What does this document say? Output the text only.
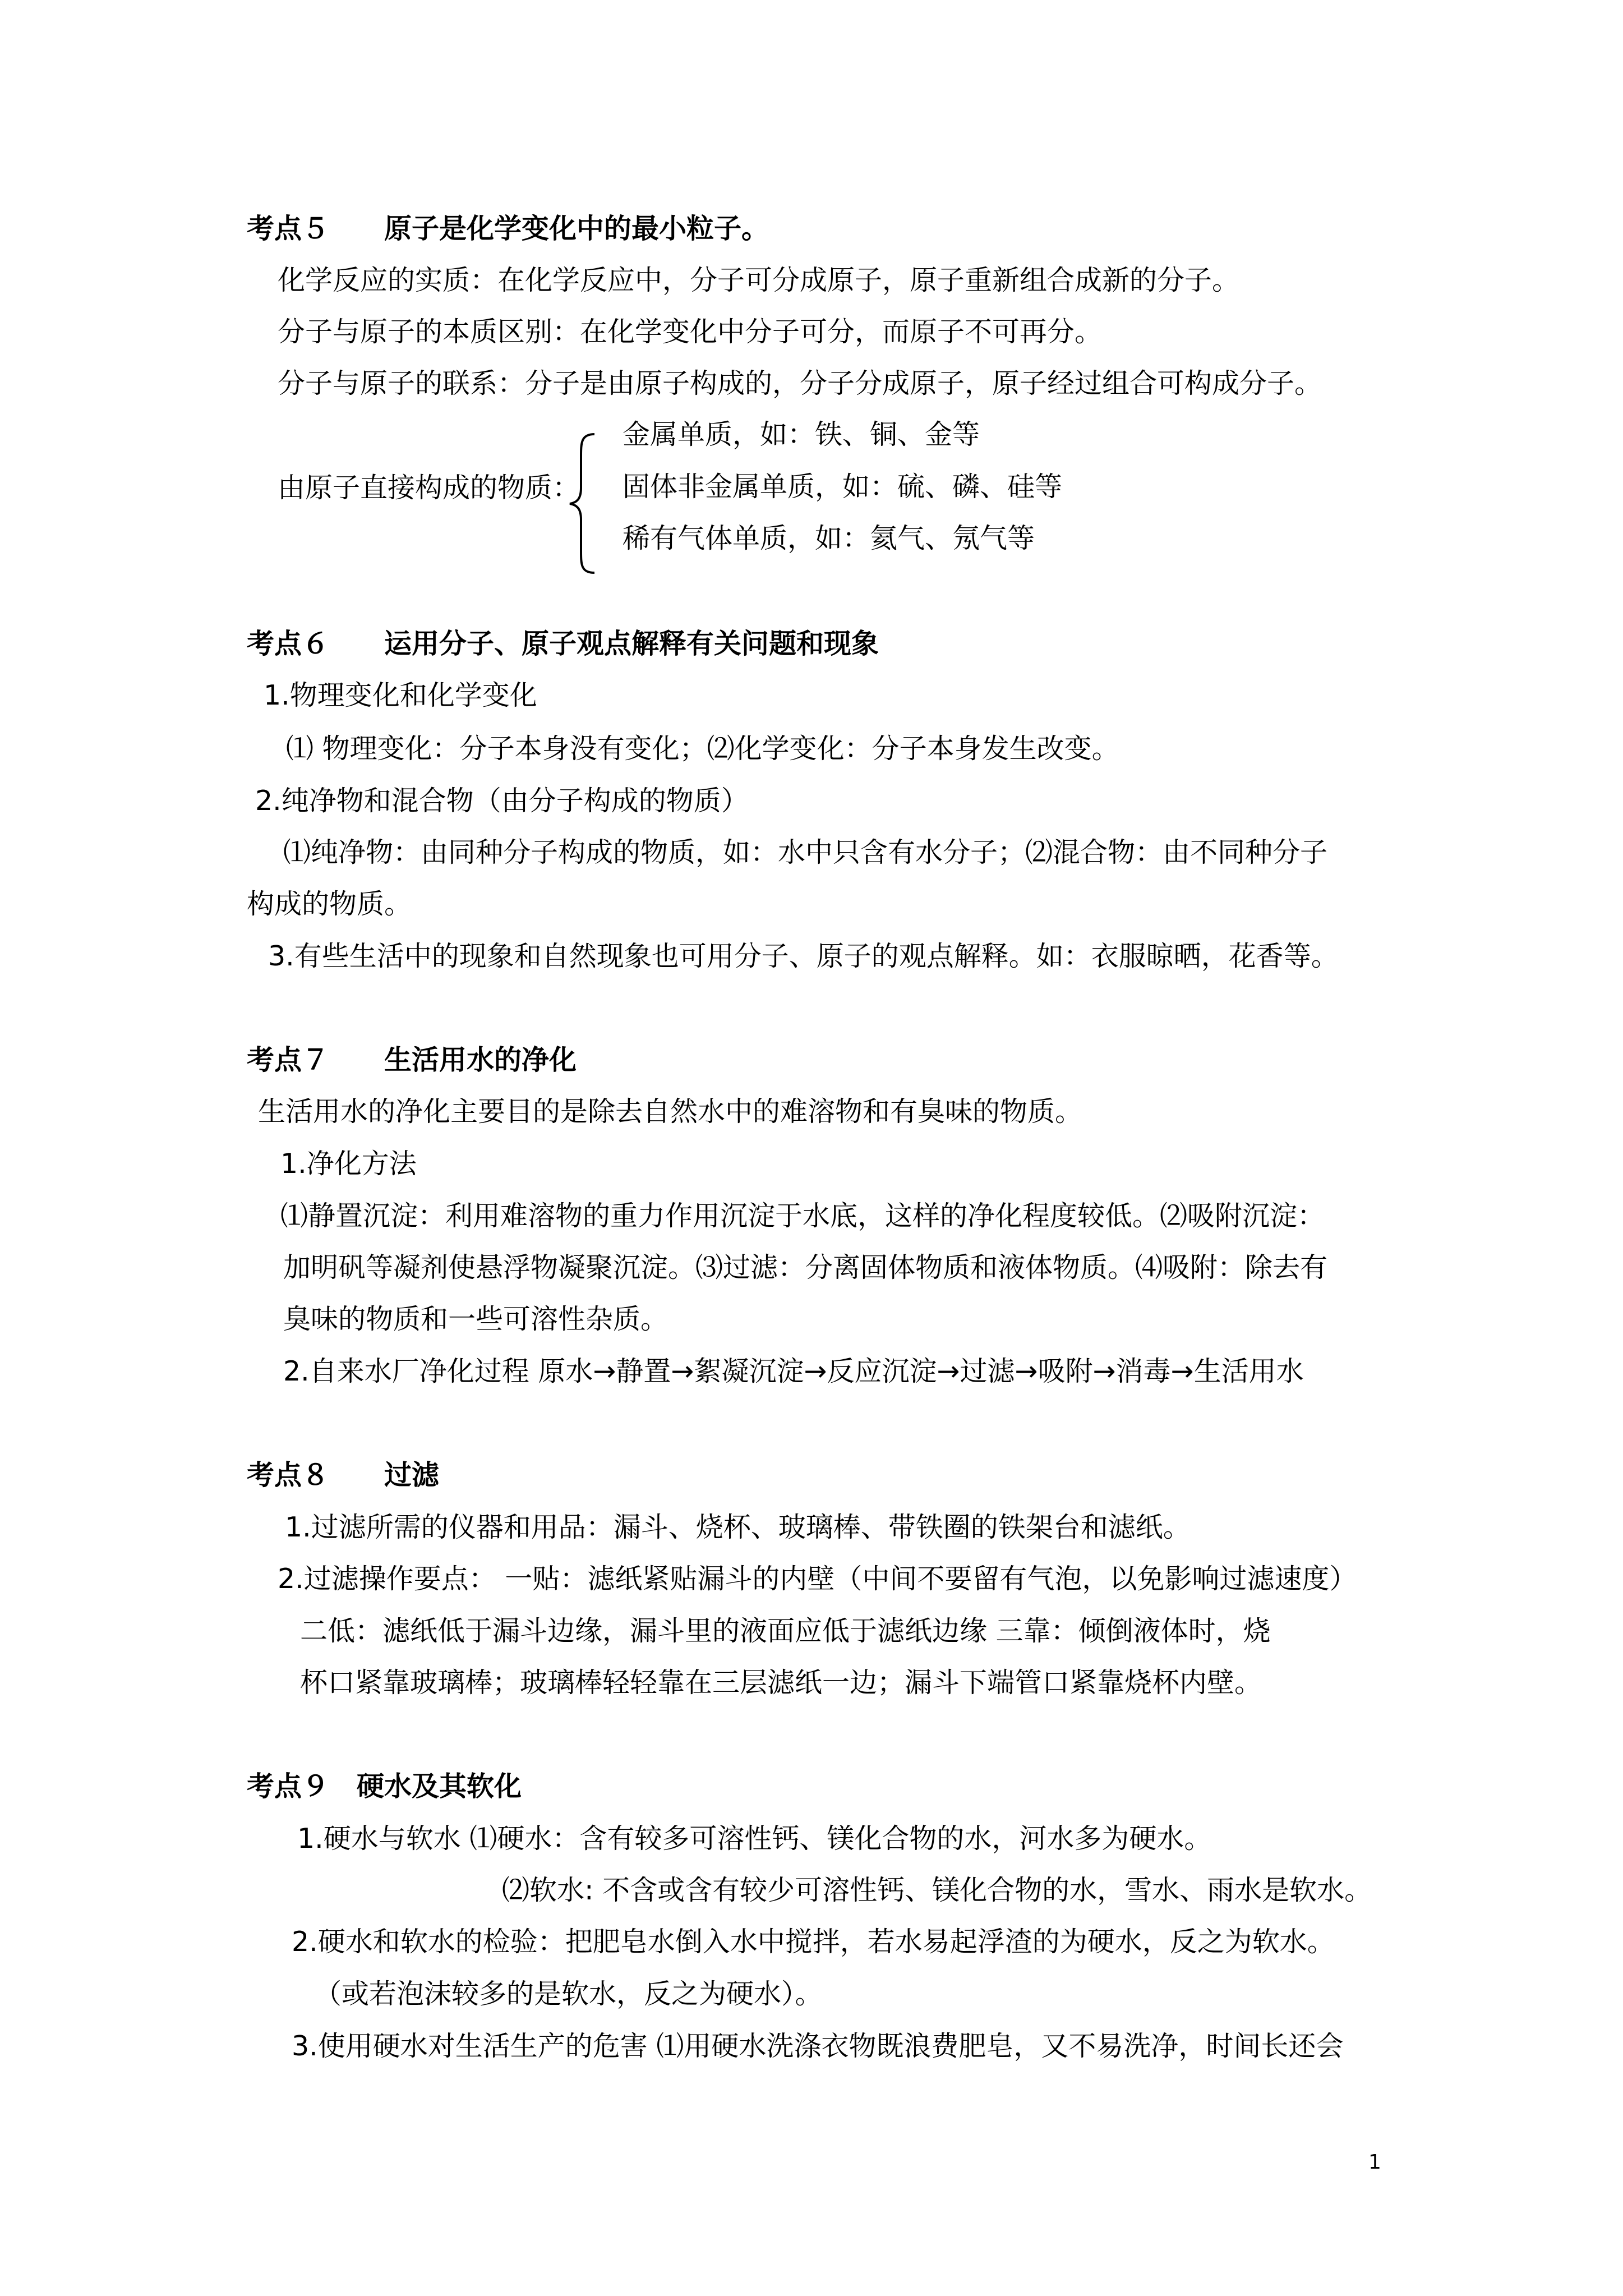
考点５　　原子是化学变化中的最小粒子。
化学反应的实质：在化学反应中，分子可分成原子，原子重新组合成新的分子。
分子与原子的本质区别：在化学变化中分子可分，而原子不可再分。
分子与原子的联系：分子是由原子构成的，分子分成原子，原子经过组合可构成分子。
金属单质，如：铁、铜、金等
由原子直接构成的物质： 固体非金属单质，如：硫、磷、硅等
稀有气体单质，如：氦气、氖气等
考点６　　运用分子、原子观点解释有关问题和现象
1.物理变化和化学变化
⑴ 物理变化：分子本身没有变化；⑵化学变化：分子本身发生改变。
2.纯净物和混合物（由分子构成的物质）
⑴纯净物：由同种分子构成的物质，如：水中只含有水分子；⑵混合物：由不同种分子
构成的物质。
3.有些生活中的现象和自然现象也可用分子、原子的观点解释。如：衣服晾晒，花香等。
考点７　　生活用水的净化
生活用水的净化主要目的是除去自然水中的难溶物和有臭味的物质。
1.净化方法
⑴静置沉淀：利用难溶物的重力作用沉淀于水底，这样的净化程度较低。⑵吸附沉淀：
加明矾等凝剂使悬浮物凝聚沉淀。⑶过滤：分离固体物质和液体物质。⑷吸附：除去有
臭味的物质和一些可溶性杂质。
2.自来水厂净化过程 原水→静置→絮凝沉淀→反应沉淀→过滤→吸附→消毒→生活用水
考点８　　过滤
1.过滤所需的仪器和用品：漏斗、烧杯、玻璃棒、带铁圈的铁架台和滤纸。
2.过滤操作要点： 一贴：滤纸紧贴漏斗的内壁（中间不要留有气泡，以免影响过滤速度）
二低：滤纸低于漏斗边缘，漏斗里的液面应低于滤纸边缘 三靠：倾倒液体时，烧
杯口紧靠玻璃棒；玻璃棒轻轻靠在三层滤纸一边；漏斗下端管口紧靠烧杯内壁。
考点９　硬水及其软化
1.硬水与软水 ⑴硬水：含有较多可溶性钙、镁化合物的水，河水多为硬水。
⑵软水: 不含或含有较少可溶性钙、镁化合物的水，雪水、雨水是软水。
2.硬水和软水的检验：把肥皂水倒入水中搅拌，若水易起浮渣的为硬水，反之为软水。
（或若泡沫较多的是软水，反之为硬水）。
3.使用硬水对生活生产的危害 ⑴用硬水洗涤衣物既浪费肥皂，又不易洗净，时间长还会
1
